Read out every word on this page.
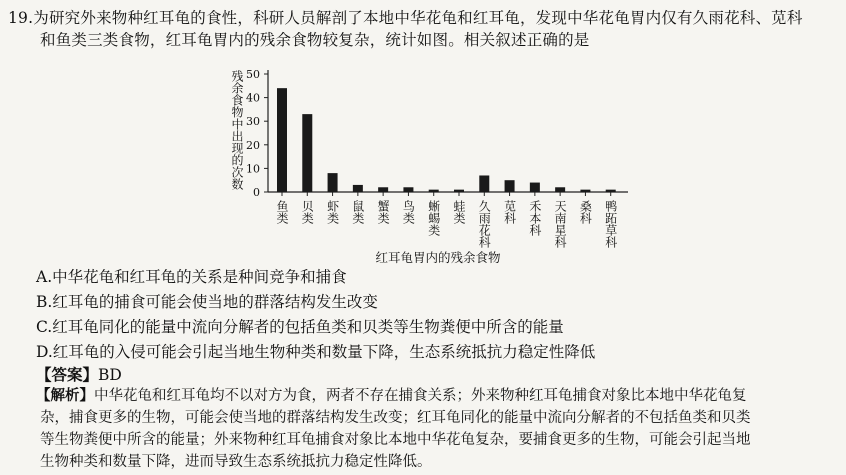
19.为研究外来物种红耳龟的食性，科研人员解剖了本地中华花龟和红耳龟，发现中华花龟胃内仅有久雨花科、苋科
和鱼类三类食物，红耳龟胃内的残余食物较复杂，统计如图。相关叙述正确的是
0
10
20
30
40
50
残余食物中出现的次数
鱼类 贝类 虾类 鼠类 蟹类 鸟类 蜥蜴类 蛙类 久雨花科 苋科 禾本科 天南星科 桑科 鸭跖草科
红耳龟胃内的残余食物
A.中华花龟和红耳龟的关系是种间竞争和捕食
B.红耳龟的捕食可能会使当地的群落结构发生改变
C.红耳龟同化的能量中流向分解者的包括鱼类和贝类等生物粪便中所含的能量
D.红耳龟的入侵可能会引起当地生物种类和数量下降，生态系统抵抗力稳定性降低
【答案】BD
【解析】中华花龟和红耳龟均不以对方为食，两者不存在捕食关系；外来物种红耳龟捕食对象比本地中华花龟复
杂，捕食更多的生物，可能会使当地的群落结构发生改变；红耳龟同化的能量中流向分解者的不包括鱼类和贝类
等生物粪便中所含的能量；外来物种红耳龟捕食对象比本地中华花龟复杂，要捕食更多的生物，可能会引起当地
生物种类和数量下降，进而导致生态系统抵抗力稳定性降低。
